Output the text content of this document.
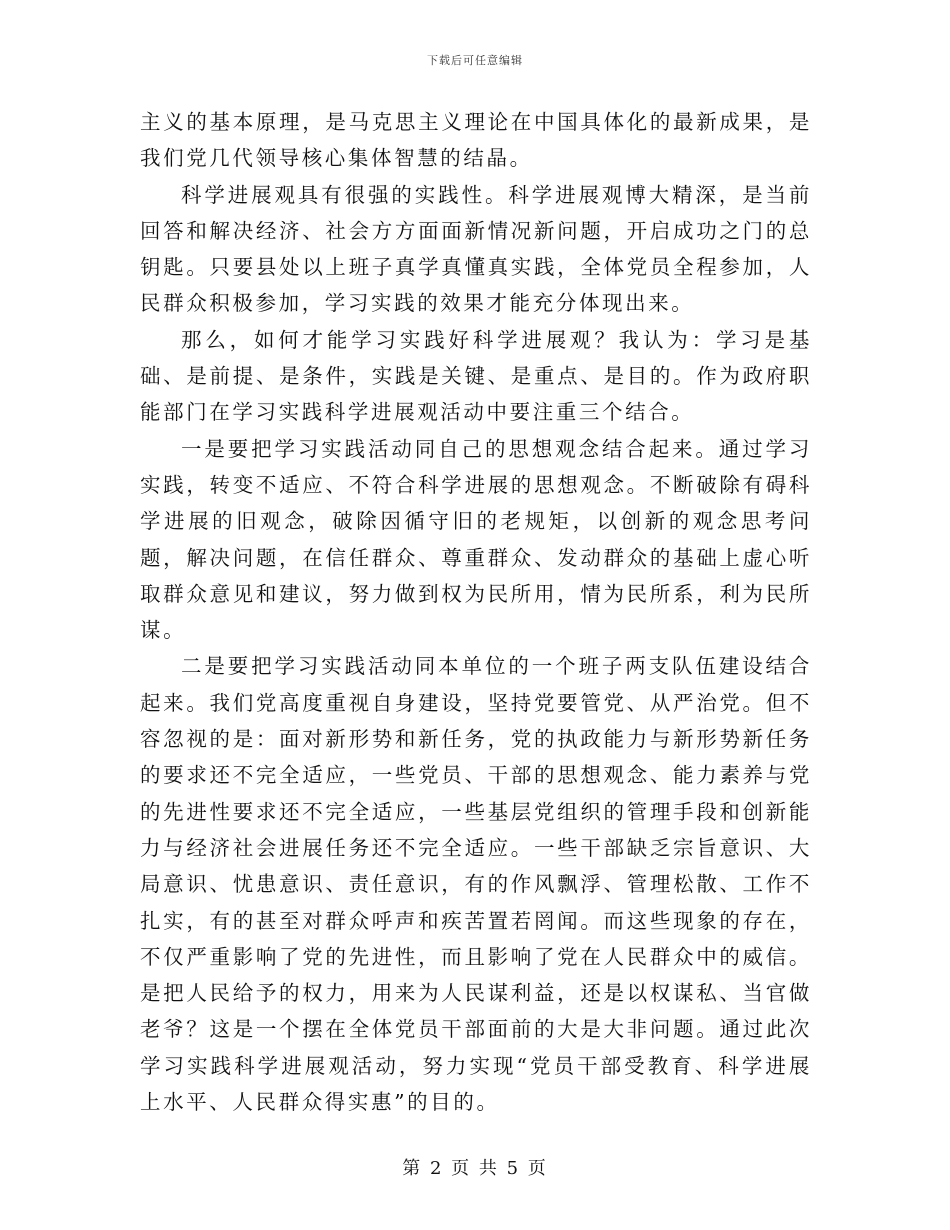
下载后可任意编辑

主义的基本原理，是马克思主义理论在中国具体化的最新成果，是我们党几代领导核心集体智慧的结晶。

科学进展观具有很强的实践性。科学进展观博大精深，是当前回答和解决经济、社会方方面面新情况新问题，开启成功之门的总钥匙。只要县处以上班子真学真懂真实践，全体党员全程参加，人民群众积极参加，学习实践的效果才能充分体现出来。

那么，如何才能学习实践好科学进展观？我认为：学习是基础、是前提、是条件，实践是关键、是重点、是目的。作为政府职能部门在学习实践科学进展观活动中要注重三个结合。

一是要把学习实践活动同自己的思想观念结合起来。通过学习实践，转变不适应、不符合科学进展的思想观念。不断破除有碍科学进展的旧观念，破除因循守旧的老规矩，以创新的观念思考问题，解决问题，在信任群众、尊重群众、发动群众的基础上虚心听取群众意见和建议，努力做到权为民所用，情为民所系，利为民所谋。

二是要把学习实践活动同本单位的一个班子两支队伍建设结合起来。我们党高度重视自身建设，坚持党要管党、从严治党。但不容忽视的是：面对新形势和新任务，党的执政能力与新形势新任务的要求还不完全适应，一些党员、干部的思想观念、能力素养与党的先进性要求还不完全适应，一些基层党组织的管理手段和创新能力与经济社会进展任务还不完全适应。一些干部缺乏宗旨意识、大局意识、忧患意识、责任意识，有的作风飘浮、管理松散、工作不扎实，有的甚至对群众呼声和疾苦置若罔闻。而这些现象的存在，不仅严重影响了党的先进性，而且影响了党在人民群众中的威信。是把人民给予的权力，用来为人民谋利益，还是以权谋私、当官做老爷？这是一个摆在全体党员干部面前的大是大非问题。通过此次学习实践科学进展观活动，努力实现“党员干部受教育、科学进展上水平、人民群众得实惠”的目的。

第 2 页 共 5 页
